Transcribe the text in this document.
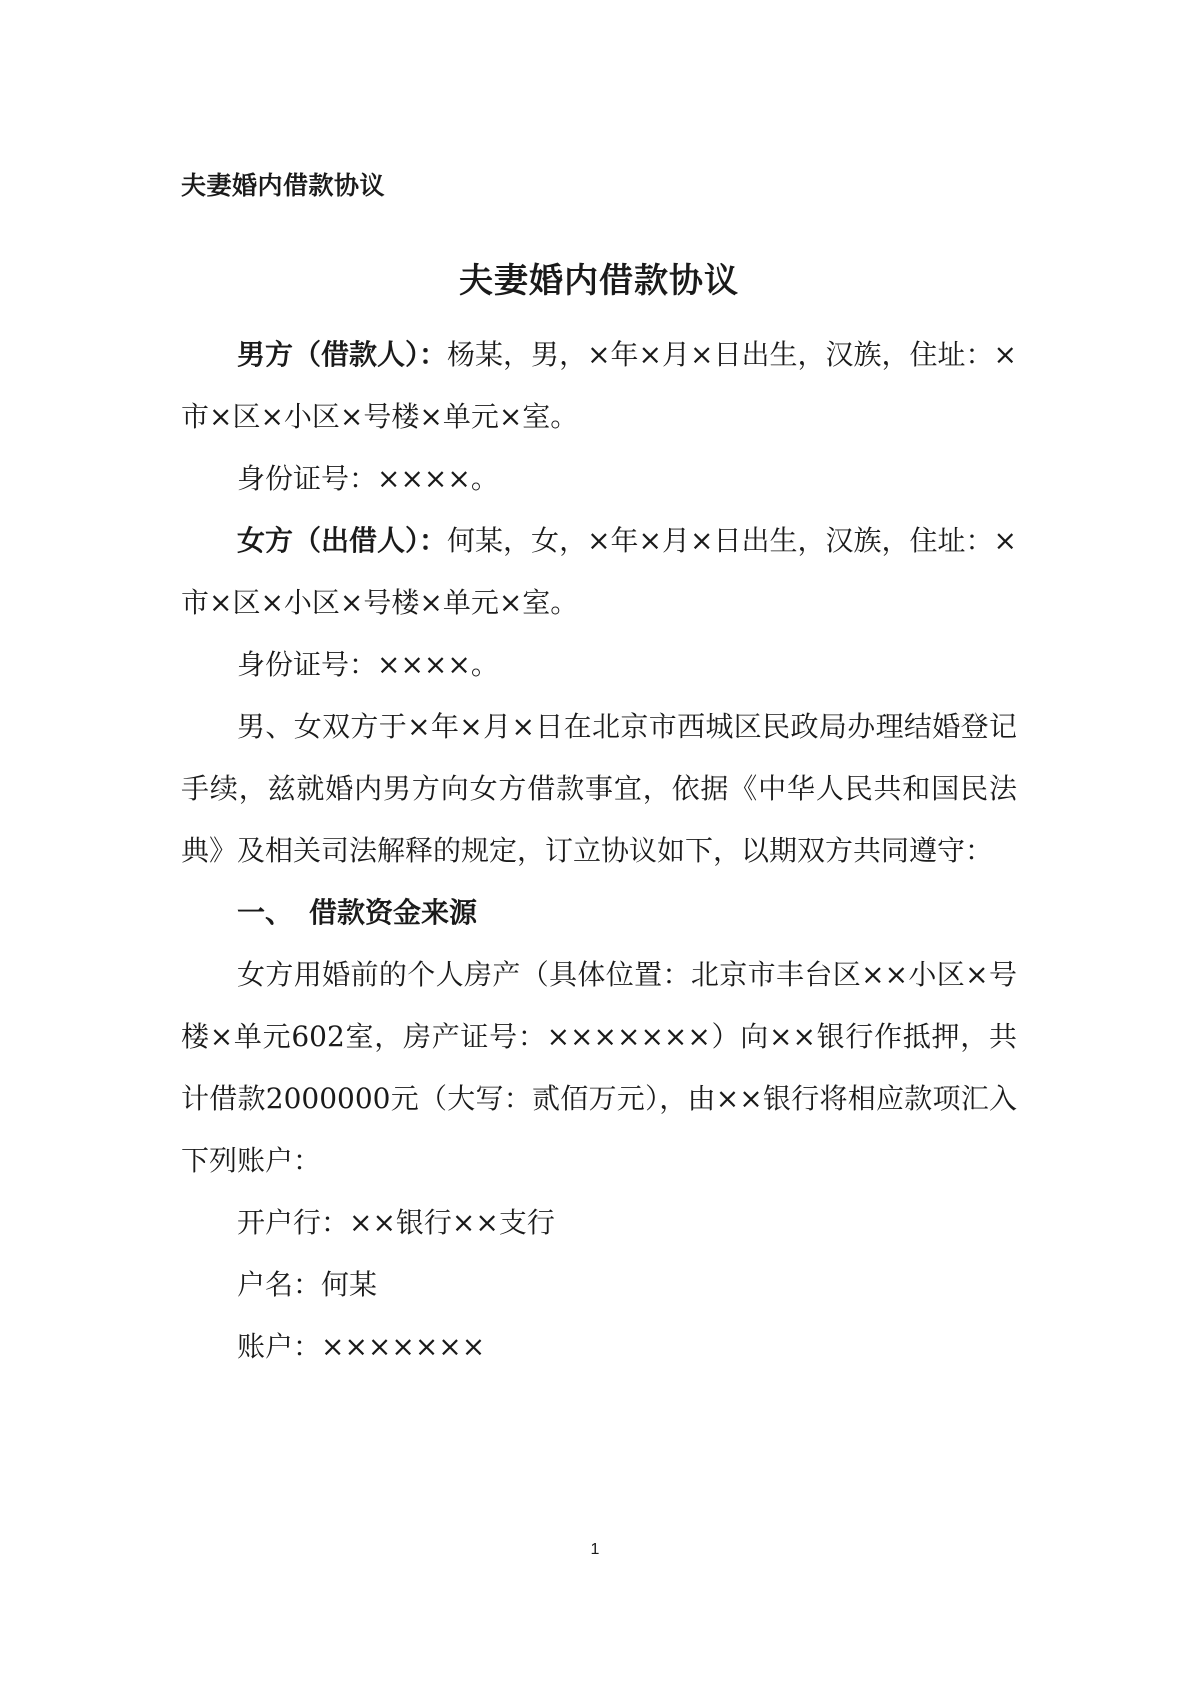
夫妻婚内借款协议

夫妻婚内借款协议

男方（借款人）：杨某，男，×年×月×日出生，汉族，住址：×市×区×小区×号楼×单元×室。

身份证号：××××。

女方（出借人）：何某，女，×年×月×日出生，汉族，住址：×市×区×小区×号楼×单元×室。

身份证号：××××。

男、女双方于×年×月×日在北京市西城区民政局办理结婚登记手续，兹就婚内男方向女方借款事宜，依据《中华人民共和国民法典》及相关司法解释的规定，订立协议如下，以期双方共同遵守：

一、 借款资金来源

女方用婚前的个人房产（具体位置：北京市丰台区××小区×号楼×单元602室，房产证号：×××××××）向××银行作抵押，共计借款2000000元（大写：贰佰万元），由××银行将相应款项汇入下列账户：

开户行：××银行××支行

户名：何某

账户：×××××××

1
